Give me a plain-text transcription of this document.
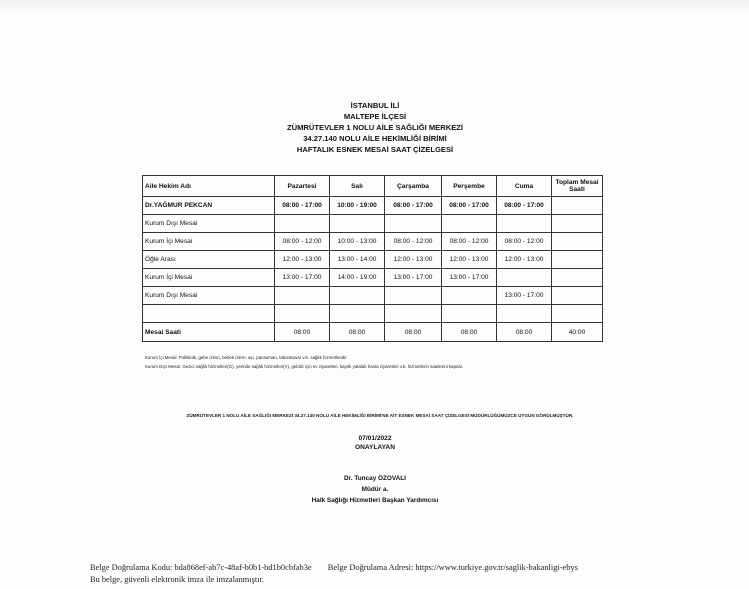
İSTANBUL İLİ
MALTEPE İLÇESİ
ZÜMRÜTEVLER 1 NOLU AİLE SAĞLIĞI MERKEZİ
34.27.140 NOLU AİLE HEKİMLİĞİ BİRİMİ
HAFTALIK ESNEK MESAİ SAAT ÇİZELGESİ
Aile Hekim Adı	Pazartesi	Salı	Çarşamba	Perşembe	Cuma	Toplam Mesai Saati
Dr.YAĞMUR PEKCAN	08:00 - 17:00	10:00 - 19:00	08:00 - 17:00	08:00 - 17:00	08:00 - 17:00	
Kurum Dışı Mesai						
Kurum İçi Mesai	08:00 - 12:00	10:00 - 13:00	08:00 - 12:00	08:00 - 12:00	08:00 - 12:00	
Öğle Arası	12:00 - 13:00	13:00 - 14:00	12:00 - 13:00	12:00 - 13:00	12:00 - 13:00	
Kurum İçi Mesai	13:00 - 17:00	14:00 - 19:00	13:00 - 17:00	13:00 - 17:00		
Kurum Dışı Mesai					13:00 - 17:00	

Mesai Saati	08:00	08:00	08:00	08:00	08:00	40:00
Kurum İçi Mesai: Poliklinik, gebe izlem, bebek izlem, aşı, pansuman, laboratuvar v.b. sağlık hizmetleridir.
Kurum Dışı Mesai: Gezici sağlık hizmetleri(G), yerinde sağlık hizmetleri(Y), gebiliz için ev ziyaretleri, kayıtlı yatalak hasta ziyaretleri v.b. hizmetlerin saatlerini kapsar.
ZÜMRÜTEVLER 1 NOLU AİLE SAĞLIĞI MERKEZİ 34.27.140 NOLU AİLE HEKİMLİĞİ BİRİMİ'NE AİT ESNEK MESAİ SAAT ÇİZELGESİ MÜDÜRLÜĞÜMÜZCE UYGUN GÖRÜLMÜŞTÜR.
07/01/2022
ONAYLAYAN
Dr. Tuncay ÖZOVALI
Müdür a.
Halk Sağlığı Hizmetleri Başkan Yardımcısı
Belge Doğrulama Kodu: bda868ef-ab7c-48af-b0b1-bd1b0cbfab3e Belge Doğrulama Adresi: https://www.turkiye.gov.tr/saglik-bakanligi-ebys
Bu belge, güvenli elektronik imza ile imzalanmıştır.
